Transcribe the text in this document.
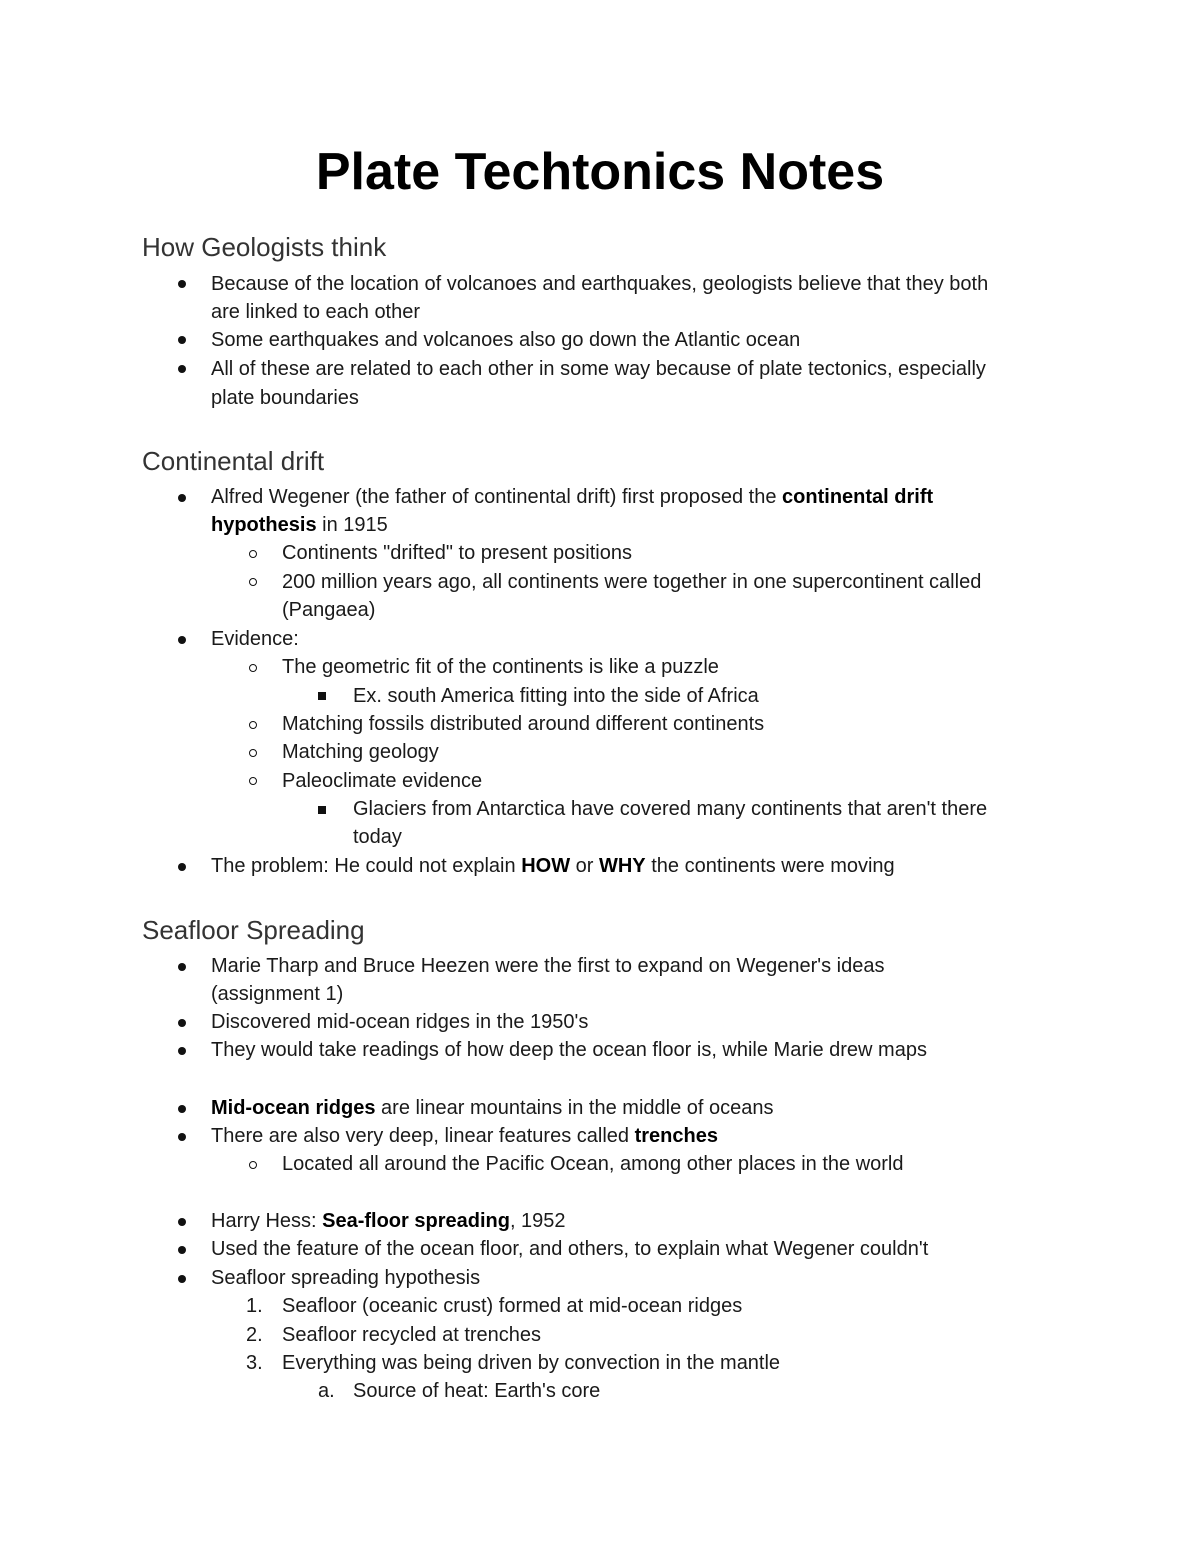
Plate Techtonics Notes
How Geologists think
Because of the location of volcanoes and earthquakes, geologists believe that they both
are linked to each other
Some earthquakes and volcanoes also go down the Atlantic ocean
All of these are related to each other in some way because of plate tectonics, especially
plate boundaries
Continental drift
Alfred Wegener (the father of continental drift) first proposed the continental drift
hypothesis in 1915
Continents "drifted" to present positions
200 million years ago, all continents were together in one supercontinent called
(Pangaea)
Evidence:
The geometric fit of the continents is like a puzzle
Ex. south America fitting into the side of Africa
Matching fossils distributed around different continents
Matching geology
Paleoclimate evidence
Glaciers from Antarctica have covered many continents that aren't there
today
The problem: He could not explain HOW or WHY the continents were moving
Seafloor Spreading
Marie Tharp and Bruce Heezen were the first to expand on Wegener's ideas
(assignment 1)
Discovered mid-ocean ridges in the 1950's
They would take readings of how deep the ocean floor is, while Marie drew maps
Mid-ocean ridges are linear mountains in the middle of oceans
There are also very deep, linear features called trenches
Located all around the Pacific Ocean, among other places in the world
Harry Hess: Sea-floor spreading, 1952
Used the feature of the ocean floor, and others, to explain what Wegener couldn't
Seafloor spreading hypothesis
1. Seafloor (oceanic crust) formed at mid-ocean ridges
2. Seafloor recycled at trenches
3. Everything was being driven by convection in the mantle
a. Source of heat: Earth's core
